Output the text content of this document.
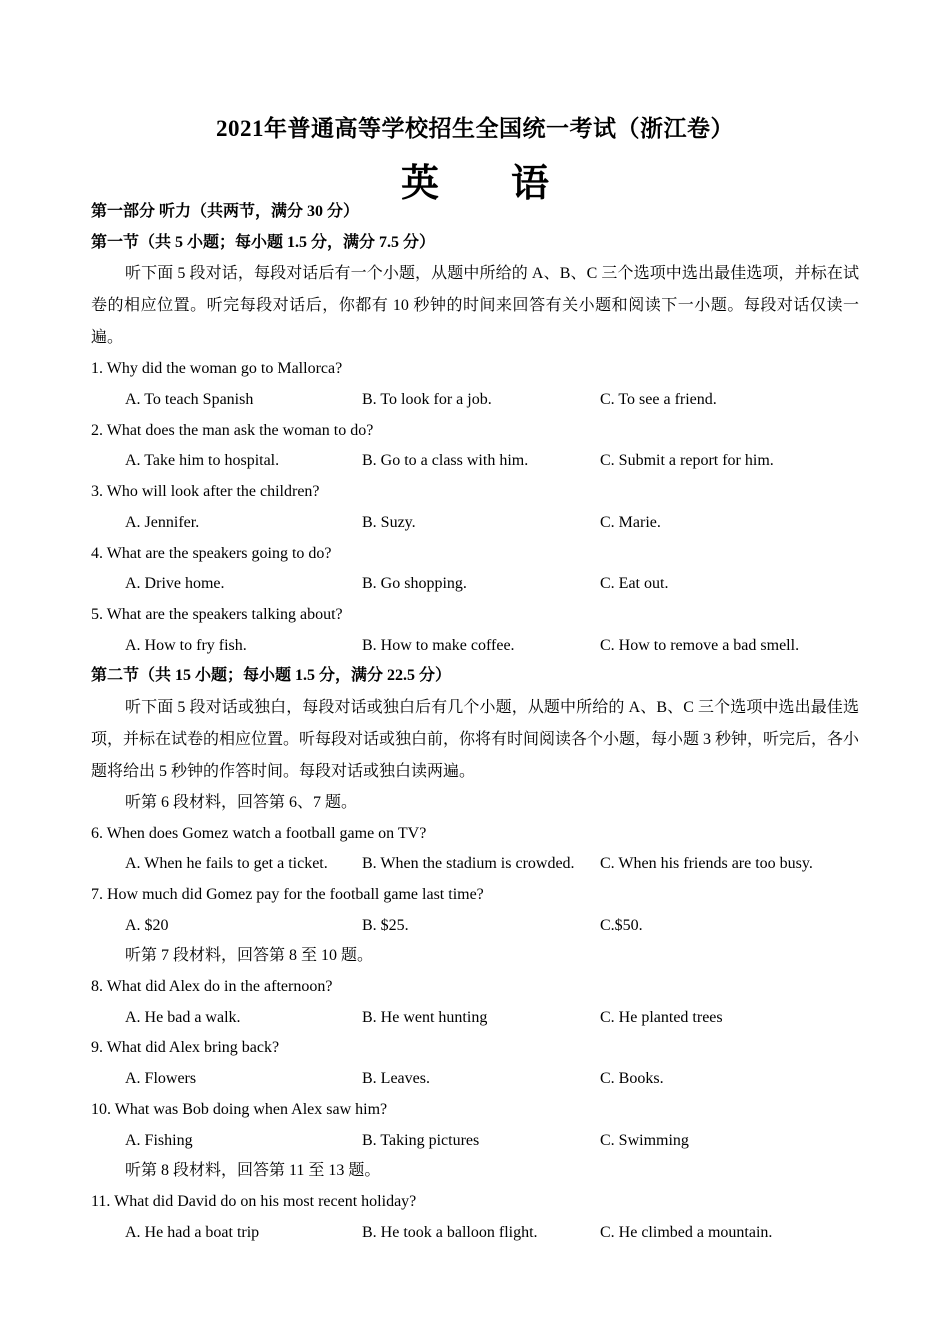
2021年普通高等学校招生全国统一考试（浙江卷）
英 语
第一部分 听力（共两节，满分 30 分）
第一节（共 5 小题；每小题 1.5 分，满分 7.5 分）
听下面 5 段对话，每段对话后有一个小题，从题中所给的 A、B、C 三个选项中选出最佳选项，并标在试卷的相应位置。听完每段对话后，你都有 10 秒钟的时间来回答有关小题和阅读下一小题。每段对话仅读一遍。
1. Why did the woman go to Mallorca?
A. To teach Spanish	B. To look for a job.	C. To see a friend.
2. What does the man ask the woman to do?
A. Take him to hospital.	B. Go to a class with him.	C. Submit a report for him.
3. Who will look after the children?
A. Jennifer.	B. Suzy.	C. Marie.
4. What are the speakers going to do?
A. Drive home.	B. Go shopping.	C. Eat out.
5. What are the speakers talking about?
A. How to fry fish.	B. How to make coffee.	C. How to remove a bad smell.
第二节（共 15 小题；每小题 1.5 分，满分 22.5 分）
听下面 5 段对话或独白，每段对话或独白后有几个小题，从题中所给的 A、B、C 三个选项中选出最佳选项，并标在试卷的相应位置。听每段对话或独白前，你将有时间阅读各个小题，每小题 3 秒钟，听完后，各小题将给出 5 秒钟的作答时间。每段对话或独白读两遍。
听第 6 段材料，回答第 6、7 题。
6. When does Gomez watch a football game on TV?
A. When he fails to get a ticket. B. When the stadium is crowded. C. When his friends are too busy.
7. How much did Gomez pay for the football game last time?
A. $20	B. $25.	C.$50.
听第 7 段材料，回答第 8 至 10 题。
8. What did Alex do in the afternoon?
A. He bad a walk.	B. He went hunting	C. He planted trees
9. What did Alex bring back?
A. Flowers	B. Leaves.	C. Books.
10. What was Bob doing when Alex saw him?
A. Fishing	B. Taking pictures	C. Swimming
听第 8 段材料，回答第 11 至 13 题。
11. What did David do on his most recent holiday?
A. He had a boat trip	B. He took a balloon flight.	C. He climbed a mountain.
